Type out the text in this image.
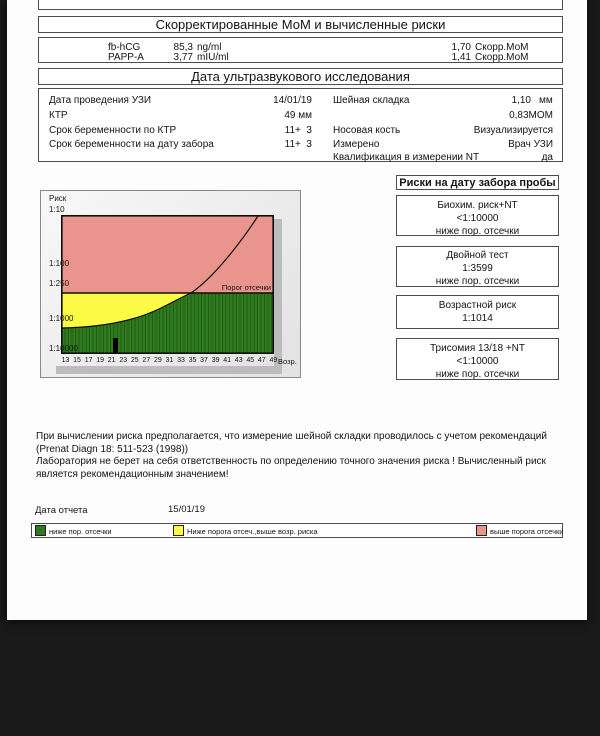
Скорректированные МоМ и вычисленные риски
fb-hCG	85,3 ng/ml	1,70 Скорр.МоМ
PAPP-A	3,77 mIU/ml	1,41 Скорр.МоМ
Дата ультразвукового исследования
Дата проведения УЗИ	14/01/19 Шейная складка	1,10 мм
КТР	49 мм	0,83МОМ
Срок беременности по КТР	11+  3 Носовая кость	Визуализируется
Срок беременности на дату забора	11+  3 Измерено	Врач УЗИ
Квалификация в измерении NT	да
Риск
1:10
1:100
1:250
1:1000
1:10000
Порог отсечки
13 15 17 19 21 23 25 27 29 31 33 35 37 39 41 43 45 47 49 Возр.
Риски на дату забора пробы
Биохим. риск+NT
<1:10000
ниже пор. отсечки
Двойной тест
1:3599
ниже пор. отсечки
Возрастной риск
1:1014
Трисомия 13/18 +NT
<1:10000
ниже пор. отсечки
При вычислении риска предполагается, что измерение шейной складки проводилось с учетом рекомендаций
(Prenat Diagn 18: 511-523 (1998))
Лаборатория не берет на себя ответственность по определению точного значения риска ! Вычисленный риск
является рекомендационным значением!
Дата отчета	15/01/19
ниже пор. отсечки	Ниже порога отсеч.,выше возр. риска	выше порога отсечки
